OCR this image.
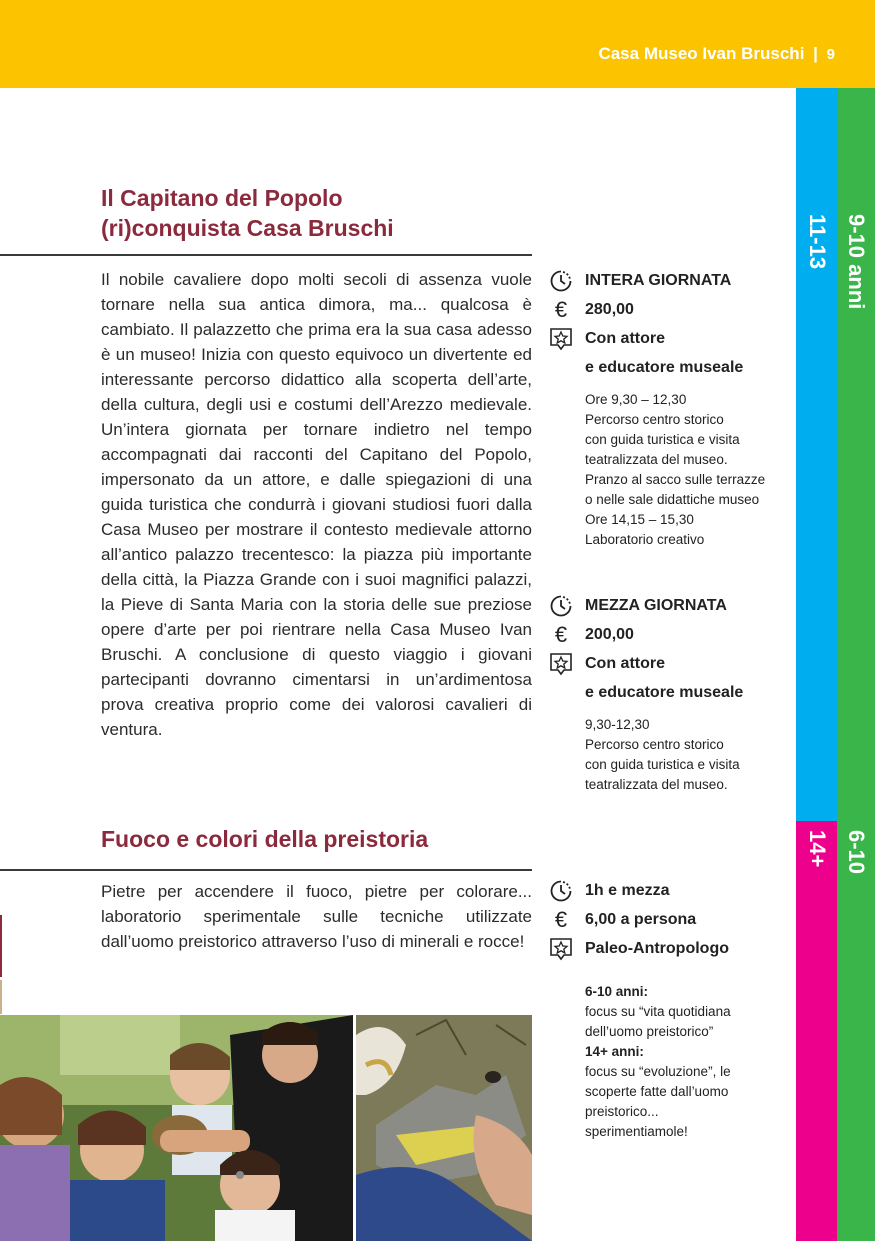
Casa Museo Ivan Bruschi | 9
11-13 9-10 anni
14+ 6-10
Il Capitano del Popolo
(ri)conquista Casa Bruschi

Il nobile cavaliere dopo molti secoli di assenza vuole tornare nella sua antica dimora, ma... qualcosa è cambiato. Il palazzetto che prima era la sua casa adesso è un museo! Inizia con questo equivoco un divertente ed interessante percorso didattico alla scoperta dell’arte, della cultura, degli usi e costumi dell’Arezzo medievale. Un’intera giornata per tornare indietro nel tempo accompagnati dai racconti del Capitano del Popolo, impersonato da un attore, e dalle spiegazioni di una guida turistica che condurrà i giovani studiosi fuori dalla Casa Museo per mostrare il contesto medievale attorno all’antico palazzo trecentesco: la piazza più importante della città, la Piazza Grande con i suoi magnifici palazzi, la Pieve di Santa Maria con la storia delle sue preziose opere d’arte per poi rientrare nella Casa Museo Ivan Bruschi. A conclusione di questo viaggio i giovani partecipanti dovranno cimentarsi in un’ardimentosa prova creativa proprio come dei valorosi cavalieri di ventura.

INTERA GIORNATA
€ 280,00
Con attore
e educatore museale
Ore 9,30 – 12,30
Percorso centro storico
con guida turistica e visita
teatralizzata del museo.
Pranzo al sacco sulle terrazze
o nelle sale didattiche museo
Ore 14,15 – 15,30
Laboratorio creativo
MEZZA GIORNATA
€ 200,00
Con attore
e educatore museale
9,30-12,30
Percorso centro storico
con guida turistica e visita
teatralizzata del museo.
Fuoco e colori della preistoria

Pietre per accendere il fuoco, pietre per colorare... laboratorio sperimentale sulle tecniche utilizzate dall’uomo preistorico attraverso l’uso di minerali e rocce!

1h e mezza
€ 6,00 a persona
Paleo-Antropologo
6-10 anni:
focus su “vita quotidiana
dell’uomo preistorico”
14+ anni:
focus su “evoluzione”, le
scoperte fatte dall’uomo
preistorico...
sperimentiamole!
